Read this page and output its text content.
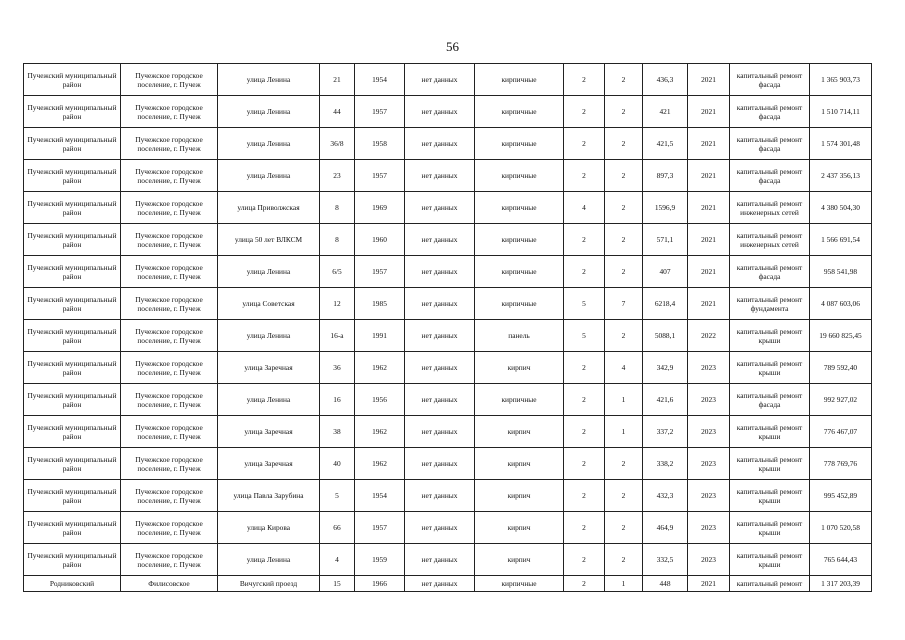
56
Пучежский муниципальный район	Пучежское городское поселение, г. Пучеж	улица Ленина	21	1954	нет данных	кирпичные	2	2	436,3	2021	капитальный ремонт фасада	1 365 903,73
Пучежский муниципальный район	Пучежское городское поселение, г. Пучеж	улица Ленина	44	1957	нет данных	кирпичные	2	2	421	2021	капитальный ремонт фасада	1 510 714,11
Пучежский муниципальный район	Пучежское городское поселение, г. Пучеж	улица Ленина	36/8	1958	нет данных	кирпичные	2	2	421,5	2021	капитальный ремонт фасада	1 574 301,48
Пучежский муниципальный район	Пучежское городское поселение, г. Пучеж	улица Ленина	23	1957	нет данных	кирпичные	2	2	897,3	2021	капитальный ремонт фасада	2 437 356,13
Пучежский муниципальный район	Пучежское городское поселение, г. Пучеж	улица Приволжская	8	1969	нет данных	кирпичные	4	2	1596,9	2021	капитальный ремонт инженерных сетей	4 380 504,30
Пучежский муниципальный район	Пучежское городское поселение, г. Пучеж	улица 50 лет ВЛКСМ	8	1960	нет данных	кирпичные	2	2	571,1	2021	капитальный ремонт инженерных сетей	1 566 691,54
Пучежский муниципальный район	Пучежское городское поселение, г. Пучеж	улица Ленина	6/5	1957	нет данных	кирпичные	2	2	407	2021	капитальный ремонт фасада	958 541,98
Пучежский муниципальный район	Пучежское городское поселение, г. Пучеж	улица Советская	12	1985	нет данных	кирпичные	5	7	6218,4	2021	капитальный ремонт фундамента	4 087 603,06
Пучежский муниципальный район	Пучежское городское поселение, г. Пучеж	улица Ленина	16-а	1991	нет данных	панель	5	2	5088,1	2022	капитальный ремонт крыши	19 660 825,45
Пучежский муниципальный район	Пучежское городское поселение, г. Пучеж	улица Заречная	36	1962	нет данных	кирпич	2	4	342,9	2023	капитальный ремонт крыши	789 592,40
Пучежский муниципальный район	Пучежское городское поселение, г. Пучеж	улица Ленина	16	1956	нет данных	кирпичные	2	1	421,6	2023	капитальный ремонт фасада	992 927,02
Пучежский муниципальный район	Пучежское городское поселение, г. Пучеж	улица Заречная	38	1962	нет данных	кирпич	2	1	337,2	2023	капитальный ремонт крыши	776 467,07
Пучежский муниципальный район	Пучежское городское поселение, г. Пучеж	улица Заречная	40	1962	нет данных	кирпич	2	2	338,2	2023	капитальный ремонт крыши	778 769,76
Пучежский муниципальный район	Пучежское городское поселение, г. Пучеж	улица Павла Зарубина	5	1954	нет данных	кирпич	2	2	432,3	2023	капитальный ремонт крыши	995 452,89
Пучежский муниципальный район	Пучежское городское поселение, г. Пучеж	улица Кирова	66	1957	нет данных	кирпич	2	2	464,9	2023	капитальный ремонт крыши	1 070 520,58
Пучежский муниципальный район	Пучежское городское поселение, г. Пучеж	улица Ленина	4	1959	нет данных	кирпич	2	2	332,5	2023	капитальный ремонт крыши	765 644,43
Родниковский	Филисовское	Вичугский проезд	15	1966	нет данных	кирпичные	2	1	448	2021	капитальный ремонт	1 317 203,39
